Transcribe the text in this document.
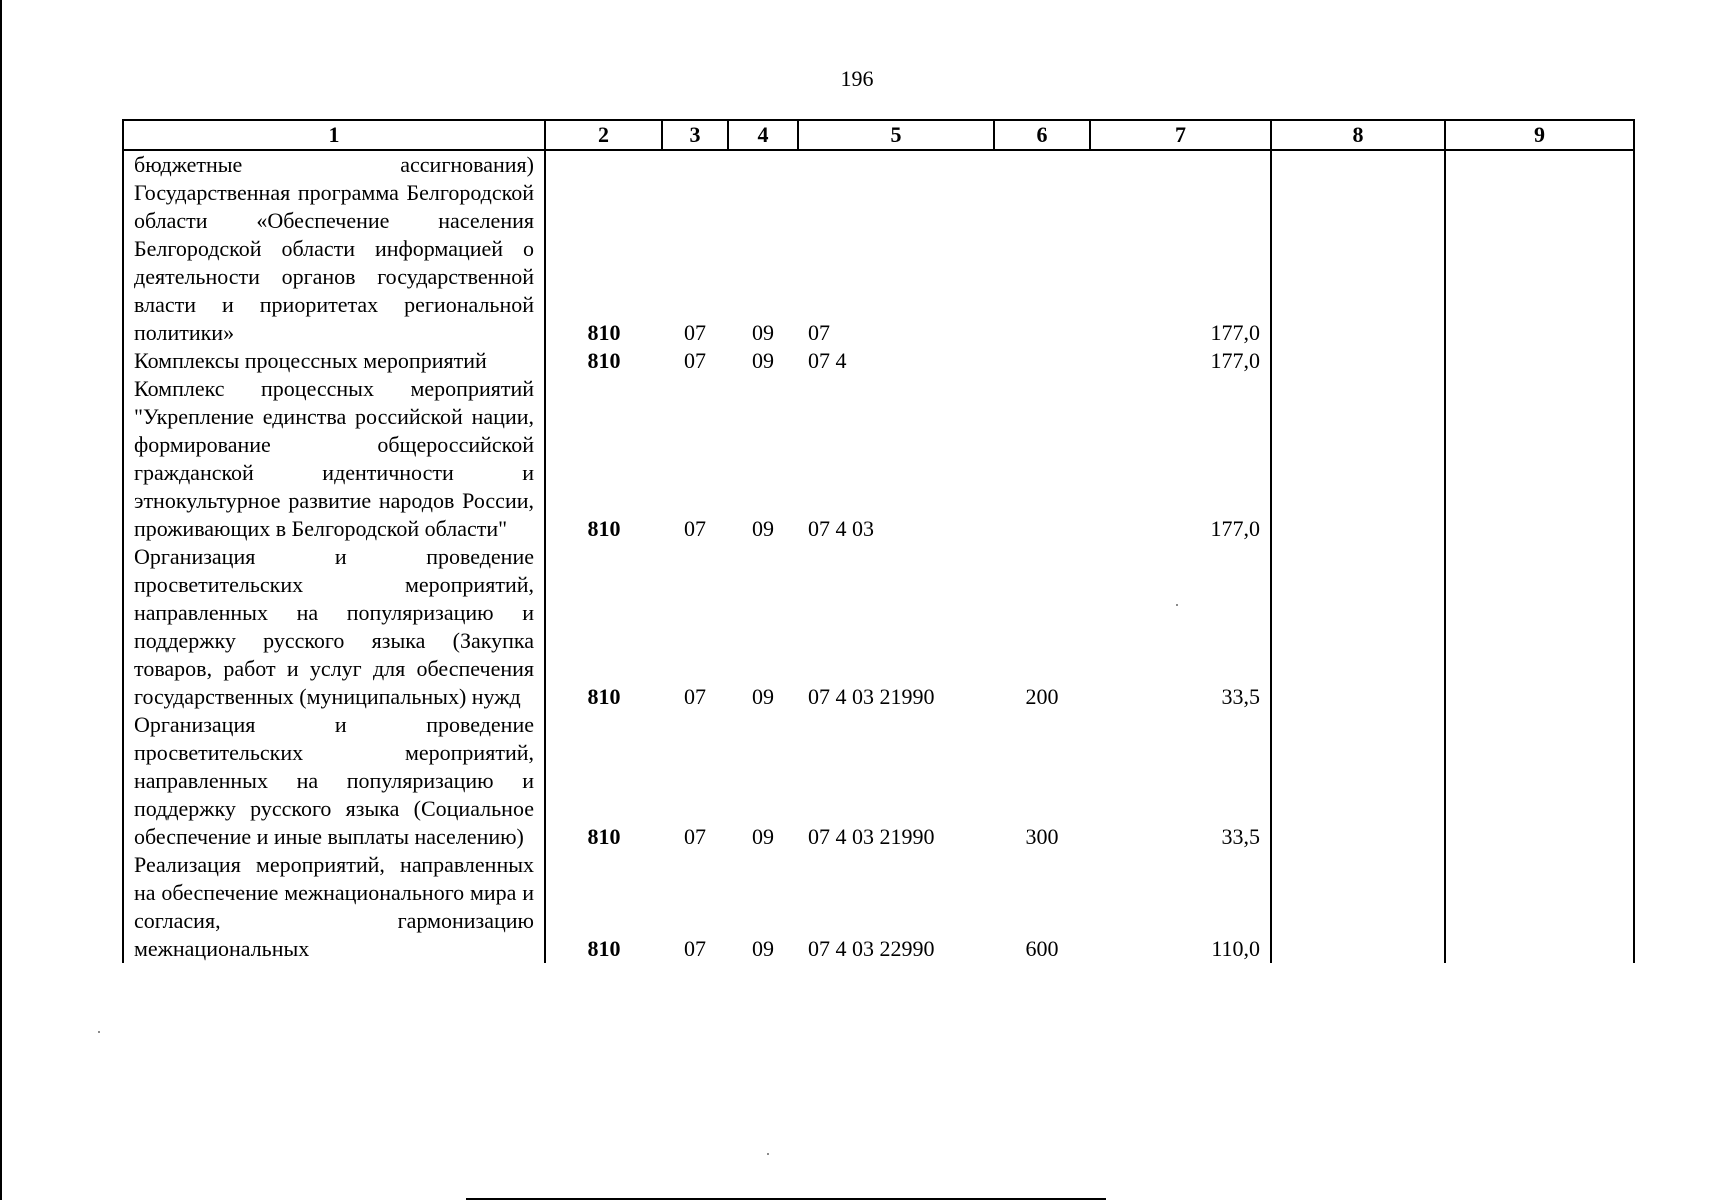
196
1	2	3	4	5	6	7	8	9
бюджетные ассигнования)								
Государственная программа Белгородской области «Обеспечение населения Белгородской области информацией о деятельности органов государственной власти и приоритетах региональной политики»	810	07	09	07		177,0		
Комплексы процессных мероприятий	810	07	09	07 4		177,0		
Комплекс процессных мероприятий "Укрепление единства российской нации, формирование общероссийской гражданской идентичности и этнокультурное развитие народов России, проживающих в Белгородской области"	810	07	09	07 4 03		177,0		
Организация и проведение просветительских мероприятий, направленных на популяризацию и поддержку русского языка (Закупка товаров, работ и услуг для обеспечения государственных (муниципальных) нужд	810	07	09	07 4 03 21990	200	33,5		
Организация и проведение просветительских мероприятий, направленных на популяризацию и поддержку русского языка (Социальное обеспечение и иные выплаты населению)	810	07	09	07 4 03 21990	300	33,5		
Реализация мероприятий, направленных на обеспечение межнационального мира и согласия, гармонизацию межнациональных	810	07	09	07 4 03 22990	600	110,0		
